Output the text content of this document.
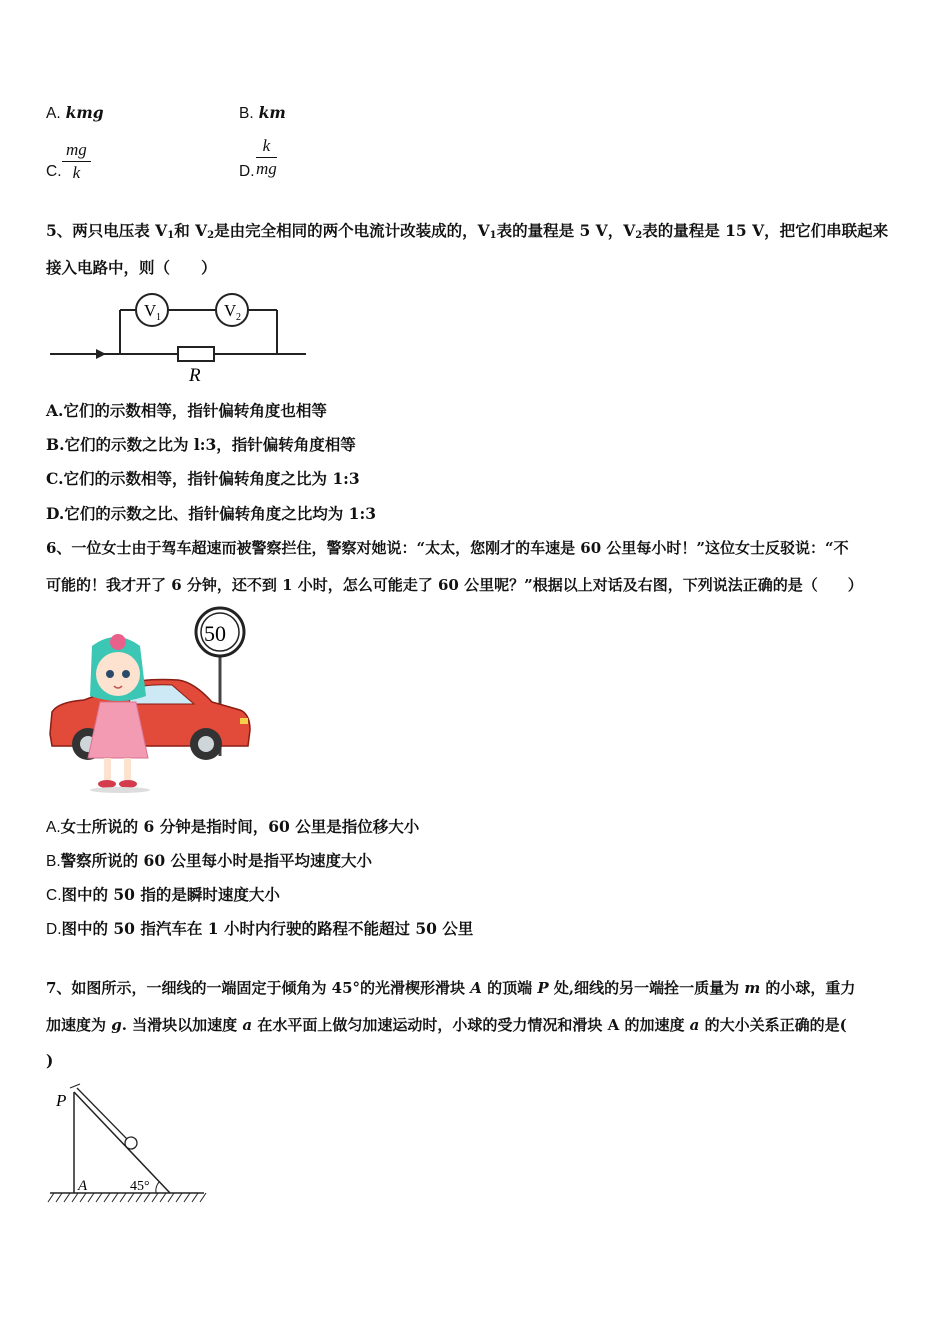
A. kmg	B. km
C. $\frac{mg}{k}$	D. $\frac{k}{mg}$
5、两只电压表 $V_1$和 $V_2$是由完全相同的两个电流计改装成的，$V_1$表的量程是 5 V，$V_2$表的量程是 15 V，把它们串联起来
接入电路中，则（　　）
V 1	V 2
R
A.它们的示数相等，指针偏转角度也相等
B.它们的示数之比为 l:3，指针偏转角度相等
C.它们的示数相等，指针偏转角度之比为 1:3
D.它们的示数之比、指针偏转角度之比均为 1:3
6、一位女士由于驾车超速而被警察拦住，警察对她说：“太太，您刚才的车速是 60 公里每小时！”这位女士反驳说：“不
可能的！我才开了 6 分钟，还不到 1 小时，怎么可能走了 60 公里呢？”根据以上对话及右图，下列说法正确的是（　　）
50
A.女士所说的 6 分钟是指时间，60 公里是指位移大小
B.警察所说的 60 公里每小时是指平均速度大小
C.图中的 50 指的是瞬时速度大小
D.图中的 50 指汽车在 1 小时内行驶的路程不能超过 50 公里
7、如图所示，一细线的一端固定于倾角为 45°的光滑楔形滑块 A 的顶端 P 处,细线的另一端拴一质量为 m 的小球，重力
加速度为 g. 当滑块以加速度 a 在水平面上做匀加速运动时，小球的受力情况和滑块 A 的加速度 a 的大小关系正确的是(
)
P
A	45°
